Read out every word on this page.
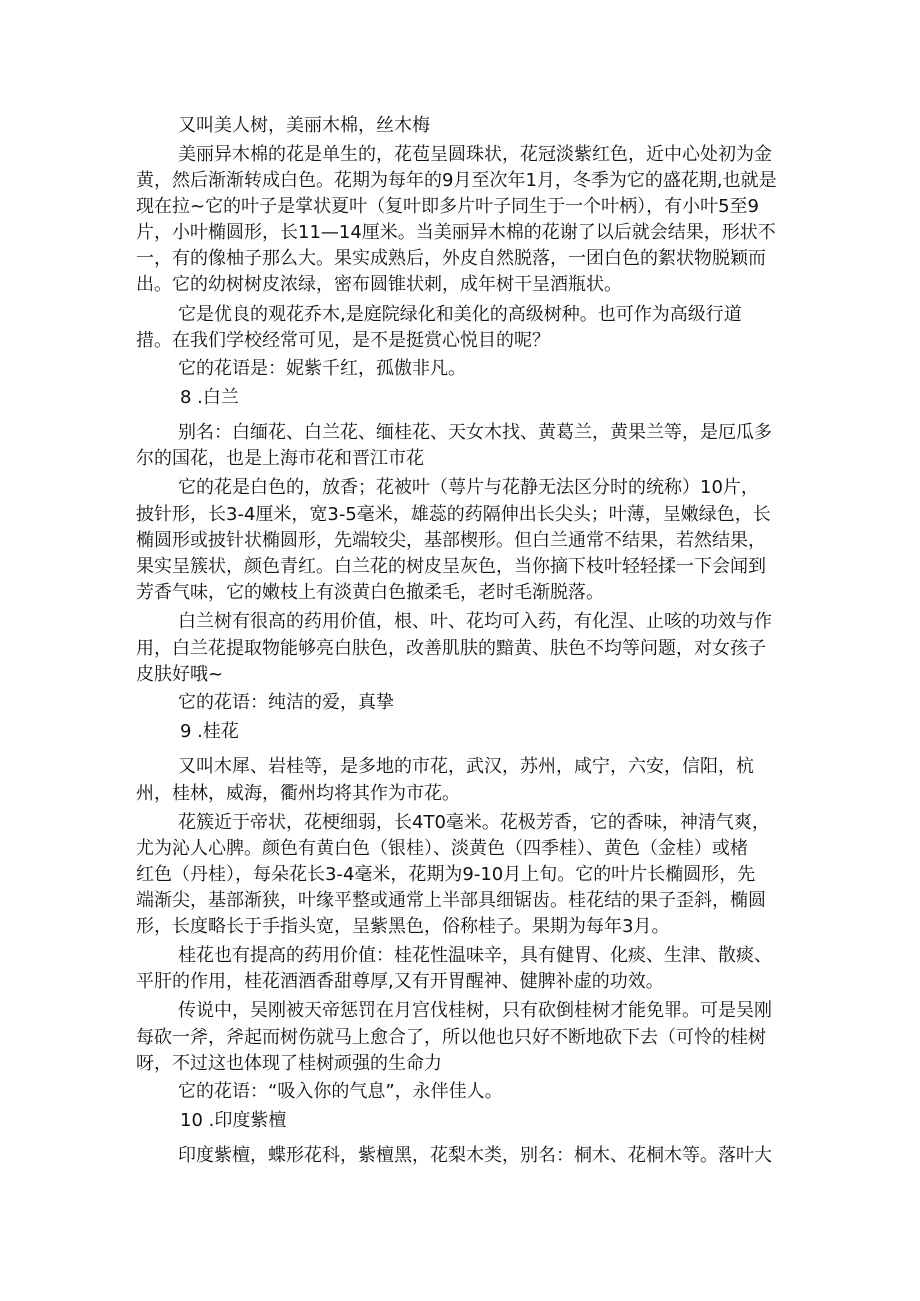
又叫美人树，美丽木棉，丝木梅
美丽异木棉的花是单生的，花苞呈圆珠状，花冠淡紫红色，近中心处初为金
黄，然后渐渐转成白色。花期为每年的9月至次年1月，冬季为它的盛花期,也就是
现在拉~它的叶子是掌状夏叶（复叶即多片叶子同生于一个叶柄），有小叶5至9
片，小叶椭圆形，长11—14厘米。当美丽异木棉的花谢了以后就会结果，形状不
一，有的像柚子那么大。果实成熟后，外皮自然脱落，一团白色的絮状物脱颖而
出。它的幼树树皮浓绿，密布圆锥状刺，成年树干呈酒瓶状。
它是优良的观花乔木,是庭院绿化和美化的高级树种。也可作为高级行道
措。在我们学校经常可见，是不是挺赏心悦目的呢？
它的花语是：妮紫千红，孤傲非凡。
8 .白兰
别名：白缅花、白兰花、缅桂花、天女木找、黄葛兰，黄果兰等，是厄瓜多
尔的国花，也是上海市花和晋江市花
它的花是白色的，放香；花被叶（萼片与花静无法区分时的统称）10片，
披针形，长3-4厘米，宽3-5毫米，雄蕊的药隔伸出长尖头；叶薄，呈嫩绿色，长
椭圆形或披针状椭圆形，先端较尖，基部楔形。但白兰通常不结果，若然结果，
果实呈簇状，颜色青红。白兰花的树皮呈灰色，当你摘下枝叶轻轻揉一下会闻到
芳香气味，它的嫩枝上有淡黄白色撤柔毛，老时毛渐脱落。
白兰树有很高的药用价值，根、叶、花均可入药，有化涅、止咳的功效与作
用，白兰花提取物能够亮白肤色，改善肌肤的黯黄、肤色不均等问题，对女孩子
皮肤好哦~
它的花语：纯洁的爱，真挚
9 .桂花
又叫木犀、岩桂等，是多地的市花，武汉，苏州，咸宁，六安，信阳，杭
州，桂林，威海，衢州均将其作为市花。
花簇近于帝状，花梗细弱，长4T0毫米。花极芳香，它的香味，神清气爽，
尤为沁人心脾。颜色有黄白色（银桂）、淡黄色（四季桂）、黄色（金桂）或楮
红色（丹桂），每朵花长3-4毫米，花期为9-10月上旬。它的叶片长椭圆形，先
端渐尖，基部渐狭，叶缘平整或通常上半部具细锯齿。桂花结的果子歪斜，椭圆
形，长度略长于手指头宽，呈紫黑色，俗称桂子。果期为每年3月。
桂花也有提高的药用价值：桂花性温味辛，具有健胃、化痰、生津、散痰、
平肝的作用，桂花酒酒香甜尊厚,又有开胃醒神、健脾补虚的功效。
传说中，吴刚被天帝惩罚在月宫伐桂树，只有砍倒桂树才能免罪。可是吴刚
每砍一斧，斧起而树伤就马上愈合了，所以他也只好不断地砍下去（可怜的桂树
呀，不过这也体现了桂树顽强的生命力
它的花语：“吸入你的气息”，永伴佳人。
10 .印度紫檀
印度紫檀，蝶形花科，紫檀黑，花梨木类，别名：桐木、花桐木等。落叶大
